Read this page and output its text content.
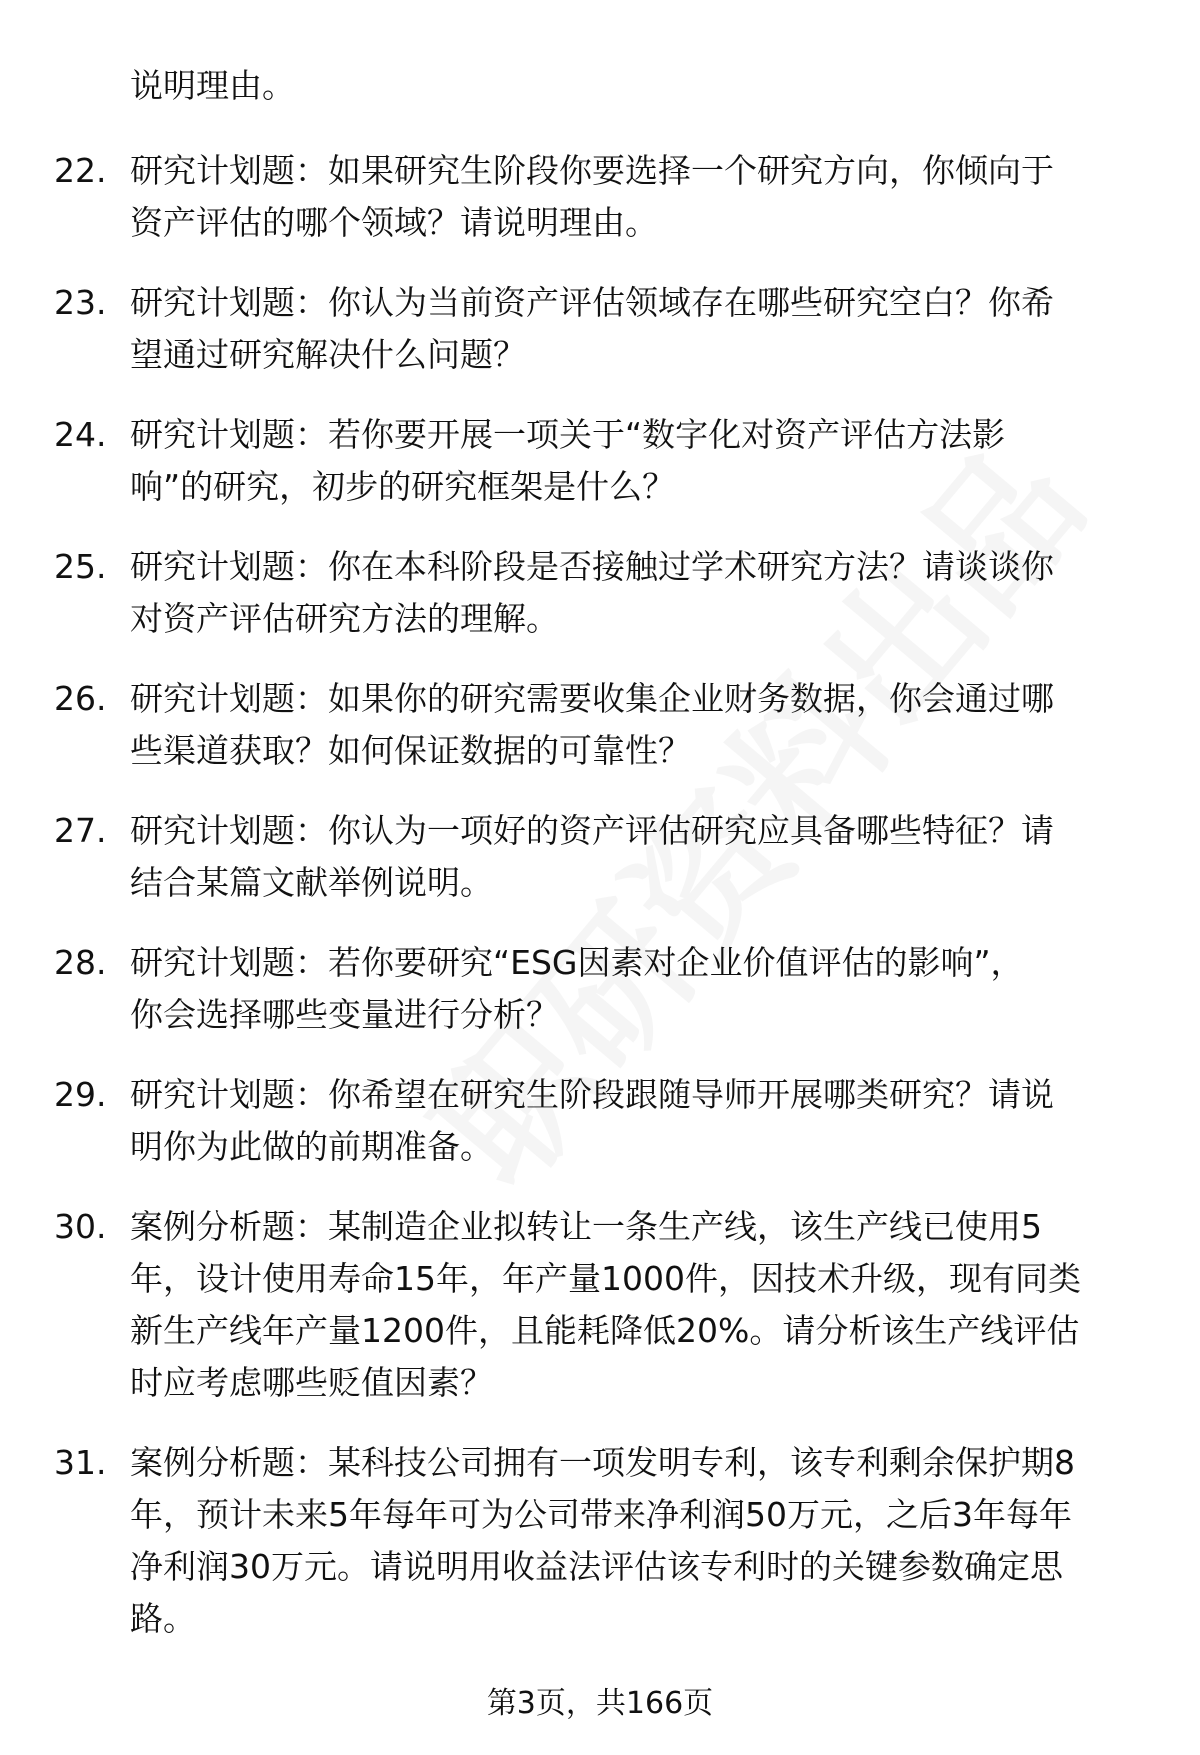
说明理由。
22. 研究计划题：如果研究生阶段你要选择一个研究方向，你倾向于
资产评估的哪个领域？请说明理由。
23. 研究计划题：你认为当前资产评估领域存在哪些研究空白？你希
望通过研究解决什么问题？
24. 研究计划题：若你要开展一项关于“数字化对资产评估方法影
响”的研究，初步的研究框架是什么？
25. 研究计划题：你在本科阶段是否接触过学术研究方法？请谈谈你
对资产评估研究方法的理解。
26. 研究计划题：如果你的研究需要收集企业财务数据，你会通过哪
些渠道获取？如何保证数据的可靠性？
27. 研究计划题：你认为一项好的资产评估研究应具备哪些特征？请
结合某篇文献举例说明。
28. 研究计划题：若你要研究“ESG因素对企业价值评估的影响”，
你会选择哪些变量进行分析？
29. 研究计划题：你希望在研究生阶段跟随导师开展哪类研究？请说
明你为此做的前期准备。
30. 案例分析题：某制造企业拟转让一条生产线，该生产线已使用5
年，设计使用寿命15年，年产量1000件，因技术升级，现有同类
新生产线年产量1200件，且能耗降低20%。请分析该生产线评估
时应考虑哪些贬值因素？
31. 案例分析题：某科技公司拥有一项发明专利，该专利剩余保护期8
年，预计未来5年每年可为公司带来净利润50万元，之后3年每年
净利润30万元。请说明用收益法评估该专利时的关键参数确定思
路。
第3页，共166页
